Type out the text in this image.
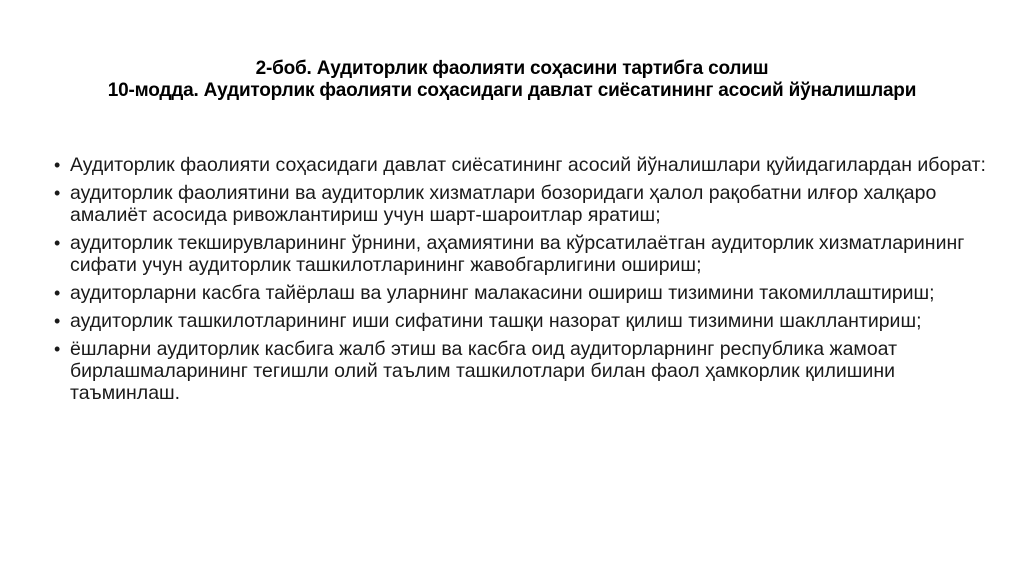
2-боб. Аудиторлик фаолияти соҳасини тартибга солиш
10-модда. Аудиторлик фаолияти соҳасидаги давлат сиёсатининг асосий йўналишлари
• Аудиторлик фаолияти соҳасидаги давлат сиёсатининг асосий йўналишлари қуйидагилардан иборат:
• аудиторлик фаолиятини ва аудиторлик хизматлари бозоридаги ҳалол рақобатни илғор халқаро амалиёт асосида ривожлантириш учун шарт-шароитлар яратиш;
• аудиторлик текширувларининг ўрнини, аҳамиятини ва кўрсатилаётган аудиторлик хизматларининг сифати учун аудиторлик ташкилотларининг жавобгарлигини ошириш;
• аудиторларни касбга тайёрлаш ва уларнинг малакасини ошириш тизимини такомиллаштириш;
• аудиторлик ташкилотларининг иши сифатини ташқи назорат қилиш тизимини шакллантириш;
• ёшларни аудиторлик касбига жалб этиш ва касбга оид аудиторларнинг республика жамоат бирлашмаларининг тегишли олий таълим ташкилотлари билан фаол ҳамкорлик қилишини таъминлаш.
